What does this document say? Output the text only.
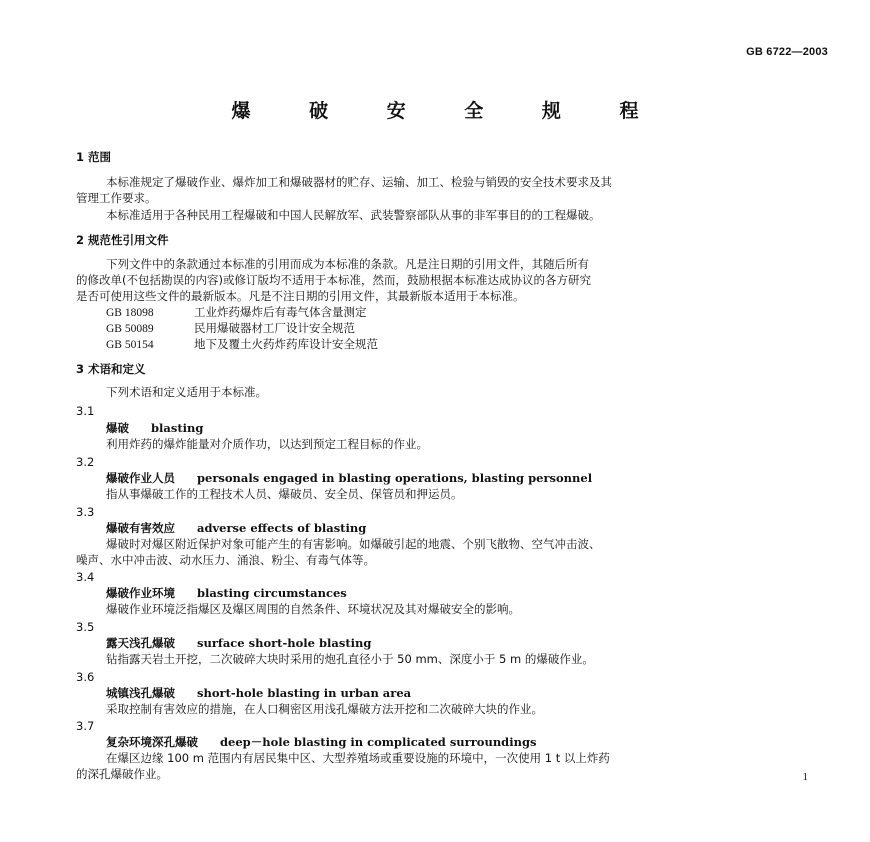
GB 6722—2003
爆 破 安 全 规 程
1 范围
本标准规定了爆破作业、爆炸加工和爆破器材的贮存、运输、加工、检验与销毁的安全技术要求及其
管理工作要求。
本标准适用于各种民用工程爆破和中国人民解放军、武装警察部队从事的非军事目的的工程爆破。
2 规范性引用文件
下列文件中的条款通过本标准的引用而成为本标准的条款。凡是注日期的引用文件，其随后所有
的修改单(不包括勘误的内容)或修订版均不适用于本标准，然而，鼓励根据本标准达成协议的各方研究
是否可使用这些文件的最新版本。凡是不注日期的引用文件，其最新版本适用于本标准。
GB 18098	工业炸药爆炸后有毒气体含量测定
GB 50089	民用爆破器材工厂设计安全规范
GB 50154	地下及覆土火药炸药库设计安全规范
3 术语和定义
下列术语和定义适用于本标准。
3.1
爆破 blasting
利用炸药的爆炸能量对介质作功，以达到预定工程目标的作业。
3.2
爆破作业人员 personals engaged in blasting operations, blasting personnel
指从事爆破工作的工程技术人员、爆破员、安全员、保管员和押运员。
3.3
爆破有害效应 adverse effects of blasting
爆破时对爆区附近保护对象可能产生的有害影响。如爆破引起的地震、个别飞散物、空气冲击波、
噪声、水中冲击波、动水压力、涌浪、粉尘、有毒气体等。
3.4
爆破作业环境 blasting circumstances
爆破作业环境泛指爆区及爆区周围的自然条件、环境状况及其对爆破安全的影响。
3.5
露天浅孔爆破 surface short-hole blasting
钻指露天岩土开挖，二次破碎大块时采用的炮孔直径小于 50 mm、深度小于 5 m 的爆破作业。
3.6
城镇浅孔爆破 short-hole blasting in urban area
采取控制有害效应的措施，在人口稠密区用浅孔爆破方法开挖和二次破碎大块的作业。
3.7
复杂环境深孔爆破 deep－hole blasting in complicated surroundings
在爆区边缘 100 m 范围内有居民集中区、大型养殖场或重要设施的环境中，一次使用 1 t 以上炸药
的深孔爆破作业。	1
